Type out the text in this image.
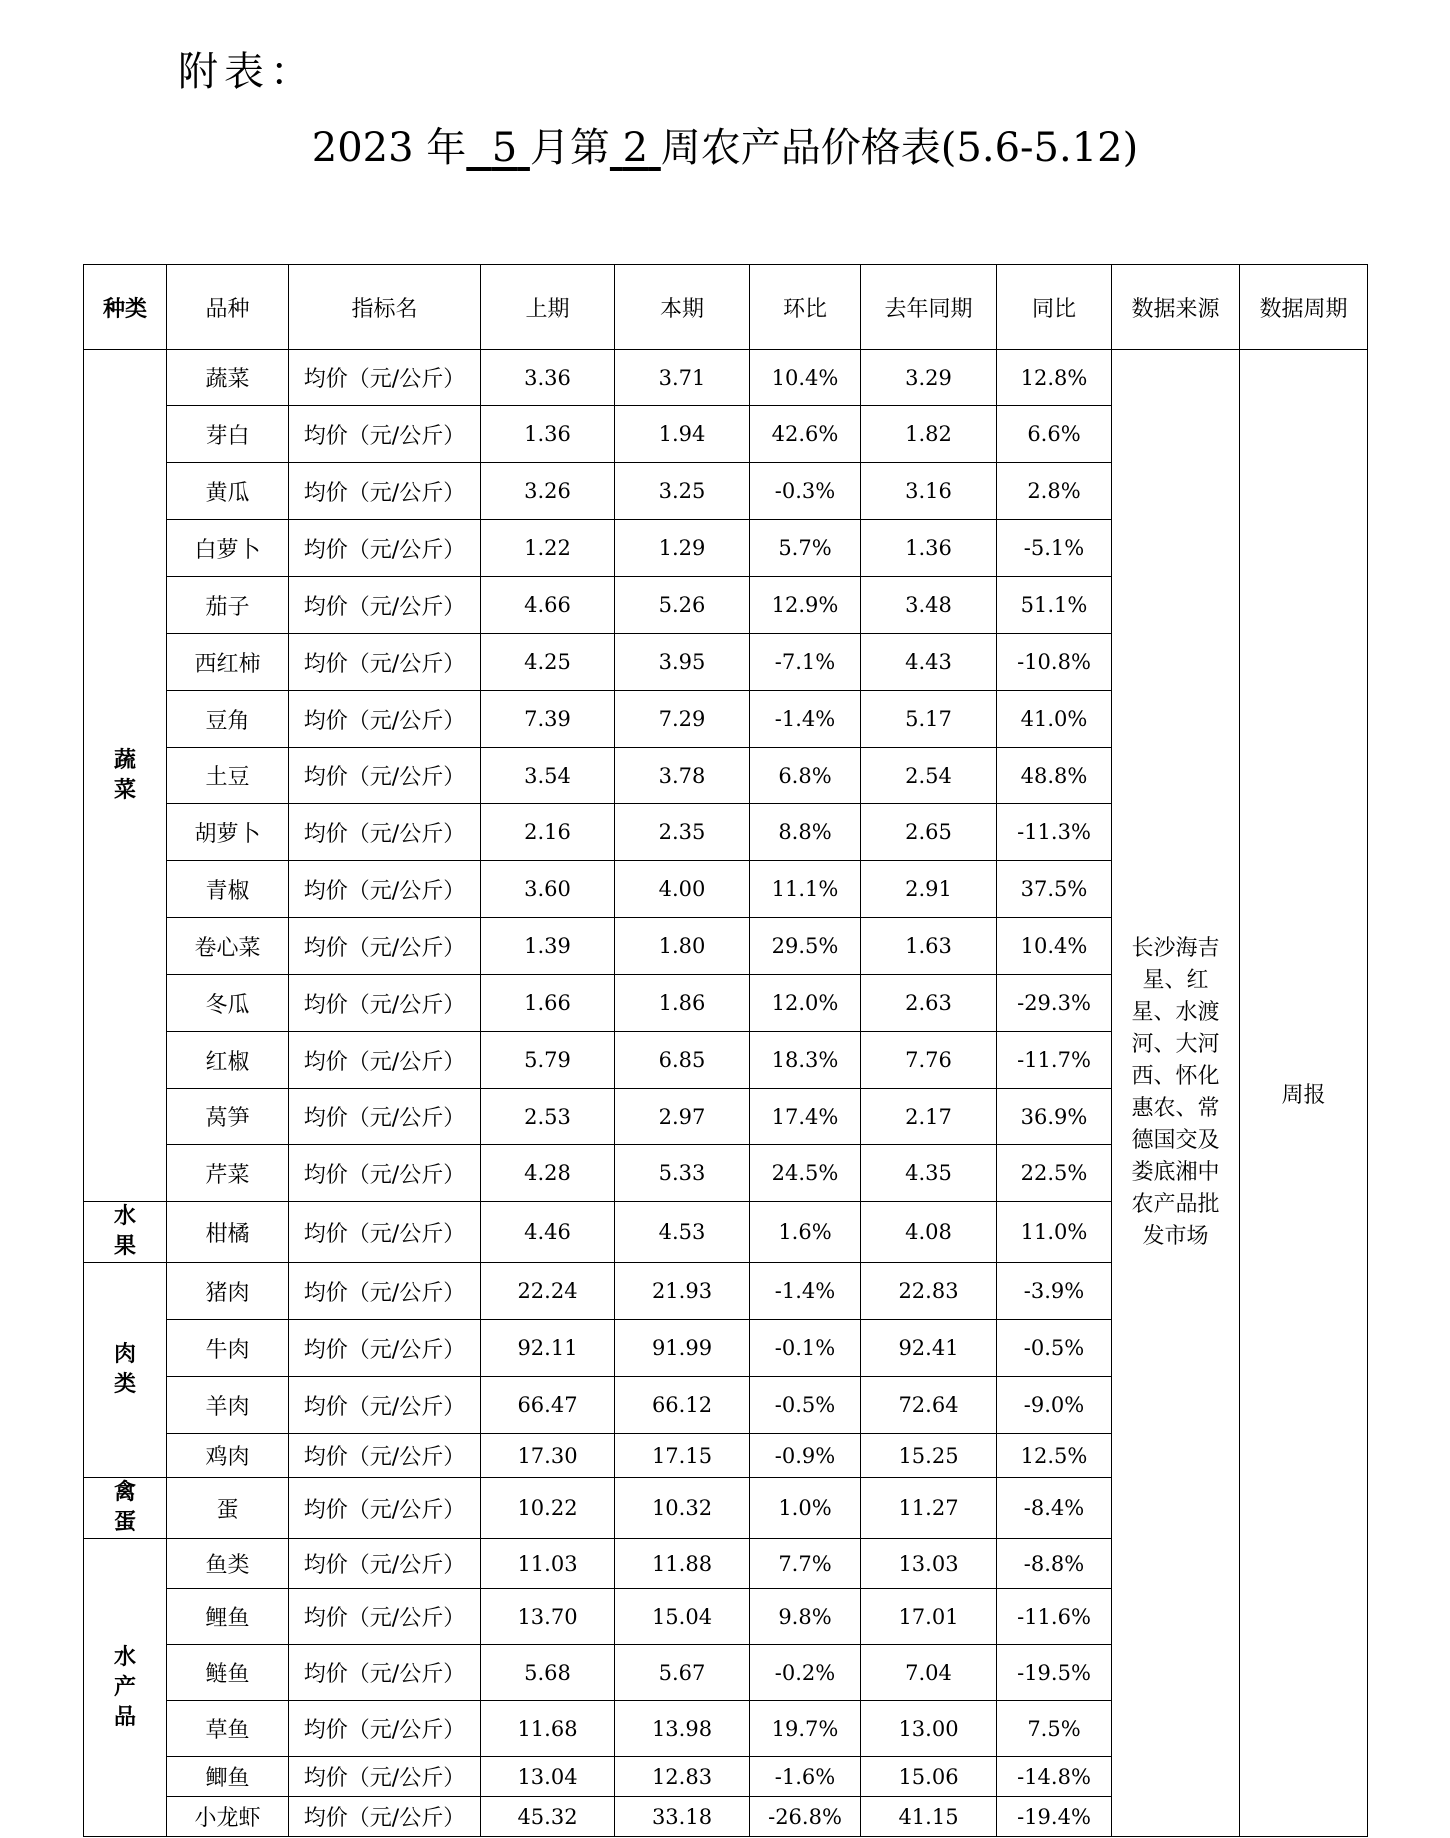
附表：
2023 年 5 月第 2 周农产品价格表(5.6-5.12)
种类	品种	指标名	上期	本期	环比	去年同期	同比	数据来源	数据周期
蔬菜	蔬菜	均价（元/公斤）	3.36	3.71	10.4%	3.29	12.8%	长沙海吉星、红星、水渡河、大河西、怀化惠农、常德国交及娄底湘中农产品批发市场	周报
	芽白	均价（元/公斤）	1.36	1.94	42.6%	1.82	6.6%		
	黄瓜	均价（元/公斤）	3.26	3.25	-0.3%	3.16	2.8%		
	白萝卜	均价（元/公斤）	1.22	1.29	5.7%	1.36	-5.1%		
	茄子	均价（元/公斤）	4.66	5.26	12.9%	3.48	51.1%		
	西红柿	均价（元/公斤）	4.25	3.95	-7.1%	4.43	-10.8%		
	豆角	均价（元/公斤）	7.39	7.29	-1.4%	5.17	41.0%		
	土豆	均价（元/公斤）	3.54	3.78	6.8%	2.54	48.8%		
	胡萝卜	均价（元/公斤）	2.16	2.35	8.8%	2.65	-11.3%		
	青椒	均价（元/公斤）	3.60	4.00	11.1%	2.91	37.5%		
	卷心菜	均价（元/公斤）	1.39	1.80	29.5%	1.63	10.4%		
	冬瓜	均价（元/公斤）	1.66	1.86	12.0%	2.63	-29.3%		
	红椒	均价（元/公斤）	5.79	6.85	18.3%	7.76	-11.7%		
	莴笋	均价（元/公斤）	2.53	2.97	17.4%	2.17	36.9%		
	芹菜	均价（元/公斤）	4.28	5.33	24.5%	4.35	22.5%		
水果	柑橘	均价（元/公斤）	4.46	4.53	1.6%	4.08	11.0%		
肉类	猪肉	均价（元/公斤）	22.24	21.93	-1.4%	22.83	-3.9%		
	牛肉	均价（元/公斤）	92.11	91.99	-0.1%	92.41	-0.5%		
	羊肉	均价（元/公斤）	66.47	66.12	-0.5%	72.64	-9.0%		
	鸡肉	均价（元/公斤）	17.30	17.15	-0.9%	15.25	12.5%		
禽蛋	蛋	均价（元/公斤）	10.22	10.32	1.0%	11.27	-8.4%		
水产品	鱼类	均价（元/公斤）	11.03	11.88	7.7%	13.03	-8.8%		
	鲤鱼	均价（元/公斤）	13.70	15.04	9.8%	17.01	-11.6%		
	鲢鱼	均价（元/公斤）	5.68	5.67	-0.2%	7.04	-19.5%		
	草鱼	均价（元/公斤）	11.68	13.98	19.7%	13.00	7.5%		
	鲫鱼	均价（元/公斤）	13.04	12.83	-1.6%	15.06	-14.8%		
	小龙虾	均价（元/公斤）	45.32	33.18	-26.8%	41.15	-19.4%		
